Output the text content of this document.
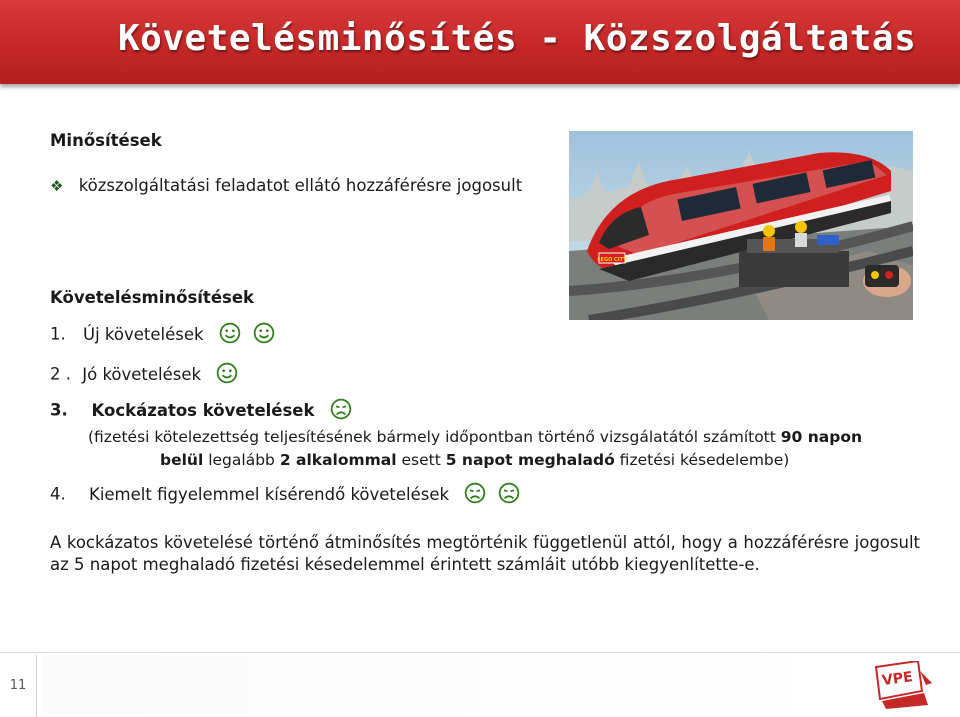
Követelésminősítés - Közszolgáltatás
Minősítések
❖ közszolgáltatási feladatot ellátó hozzáférésre jogosult
Követelésminősítések
1. Új követelések
2 . Jó követelések
3. Kockázatos követelések
(fizetési kötelezettség teljesítésének bármely időpontban történő vizsgálatától számított 90 napon
belül legalább 2 alkalommal esett 5 napot meghaladó fizetési késedelembe)
4. Kiemelt figyelemmel kísérendő követelések
A kockázatos követelésé történő átminősítés megtörténik függetlenül attól, hogy a hozzáférésre jogosult az 5 napot meghaladó fizetési késedelemmel érintett számláit utóbb kiegyenlítette-e.
LEGO CITY
11	VPE
